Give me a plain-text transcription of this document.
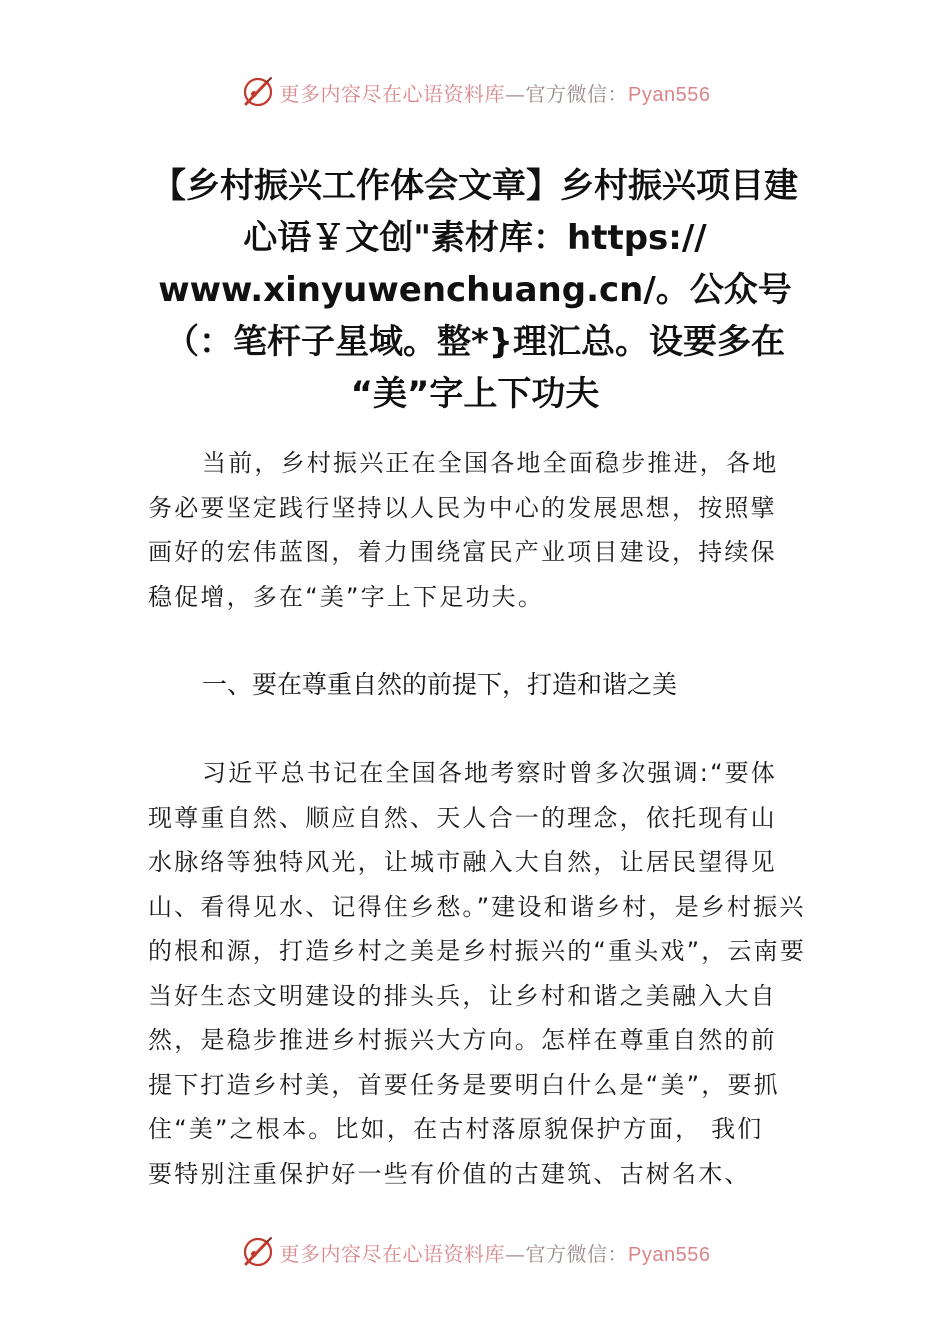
更多内容尽在心语资料库—官方微信：Pyan556
【乡村振兴工作体会文章】乡村振兴项目建
心语￥文创"素材库：https://
www.xinyuwenchuang.cn/。公众号
（：笔杆子星域。整*}理汇总。设要多在
“美”字上下功夫
当前，乡村振兴正在全国各地全面稳步推进，各地
务必要坚定践行坚持以人民为中心的发展思想，按照擘
画好的宏伟蓝图，着力围绕富民产业项目建设，持续保
稳促增，多在“美”字上下足功夫。
一、要在尊重自然的前提下，打造和谐之美
习近平总书记在全国各地考察时曾多次强调:“要体
现尊重自然、顺应自然、天人合一的理念，依托现有山
水脉络等独特风光，让城市融入大自然，让居民望得见
山、看得见水、记得住乡愁。”建设和谐乡村，是乡村振兴
的根和源，打造乡村之美是乡村振兴的“重头戏”，云南要
当好生态文明建设的排头兵，让乡村和谐之美融入大自
然，是稳步推进乡村振兴大方向。怎样在尊重自然的前
提下打造乡村美，首要任务是要明白什么是“美”，要抓
住“美”之根本。比如，在古村落原貌保护方面， 我们
要特别注重保护好一些有价值的古建筑、古树名木、
更多内容尽在心语资料库—官方微信：Pyan556
